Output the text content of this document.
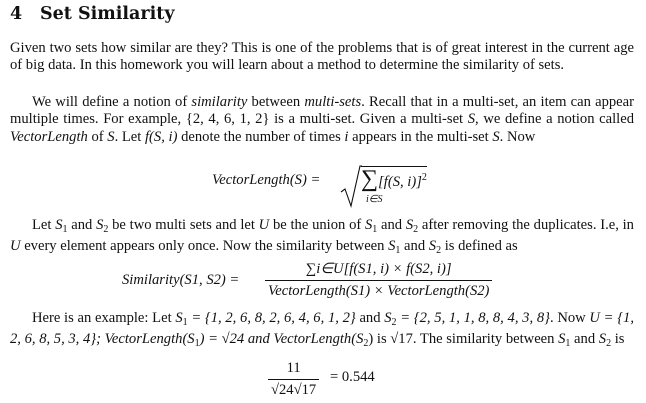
4 Set Similarity

Given two sets how similar are they? This is one of the problems that is of great interest in the current age of big data. In this homework you will learn about a method to determine the similarity of sets.

We will define a notion of similarity between multi-sets. Recall that in a multi-set, an item can appear multiple times. For example, {2, 4, 6, 1, 2} is a multi-set. Given a multi-set S, we define a notion called VectorLength of S. Let f(S, i) denote the number of times i appears in the multi-set S. Now

VectorLength(S) = ∑[f(S, i)]$^2$
i∈S

Let $S_1$ and $S_2$ be two multi sets and let U be the union of $S_1$ and $S_2$ after removing the duplicates. I.e, in U every element appears only once. Now the similarity between $S_1$ and $S_2$ is defined as

Similarity(S1, S2) =
∑i∈U[f(S1, i) × f(S2, i)]
VectorLength(S1) × VectorLength(S2)

Here is an example: Let $S_1 = \{1$, 2, 6, 8, 2, 6, 4, 6, 1, 2} and $S_2 = \{2$, 5, 1, 1, 8, 8, 4, 3, 8}. Now U = {1, 2, 6, 8, 5, 3, 4}; $VectorLength(S_1) = √24$ and $VectorLength(S_2)$ is √17. The similarity between $S_1$ and $S_2$ is

11
√24√17
= 0.544
